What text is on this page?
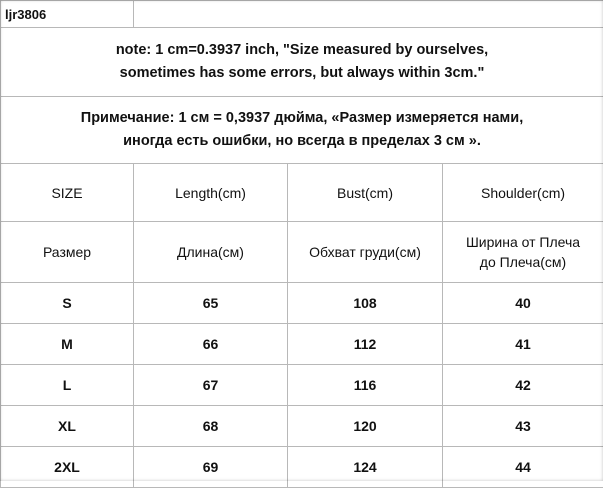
ljr3806			

note: 1 cm=0.3937 inch, "Size measured by ourselves,
sometimes has some errors, but always within 3cm."			

Примечание: 1 см = 0,3937 дюйма, «Размер измеряется нами,
иногда есть ошибки, но всегда в пределах 3 см ».			

SIZE	Length(cm)	Bust(cm)	Shoulder(cm)
Размер	Длина(см)	Обхват груди(см)	Ширина от Плеча
до Плеча(см)

S	65	108	40
M	66	112	41
L	67	116	42
XL	68	120	43
2XL	69	124	44
